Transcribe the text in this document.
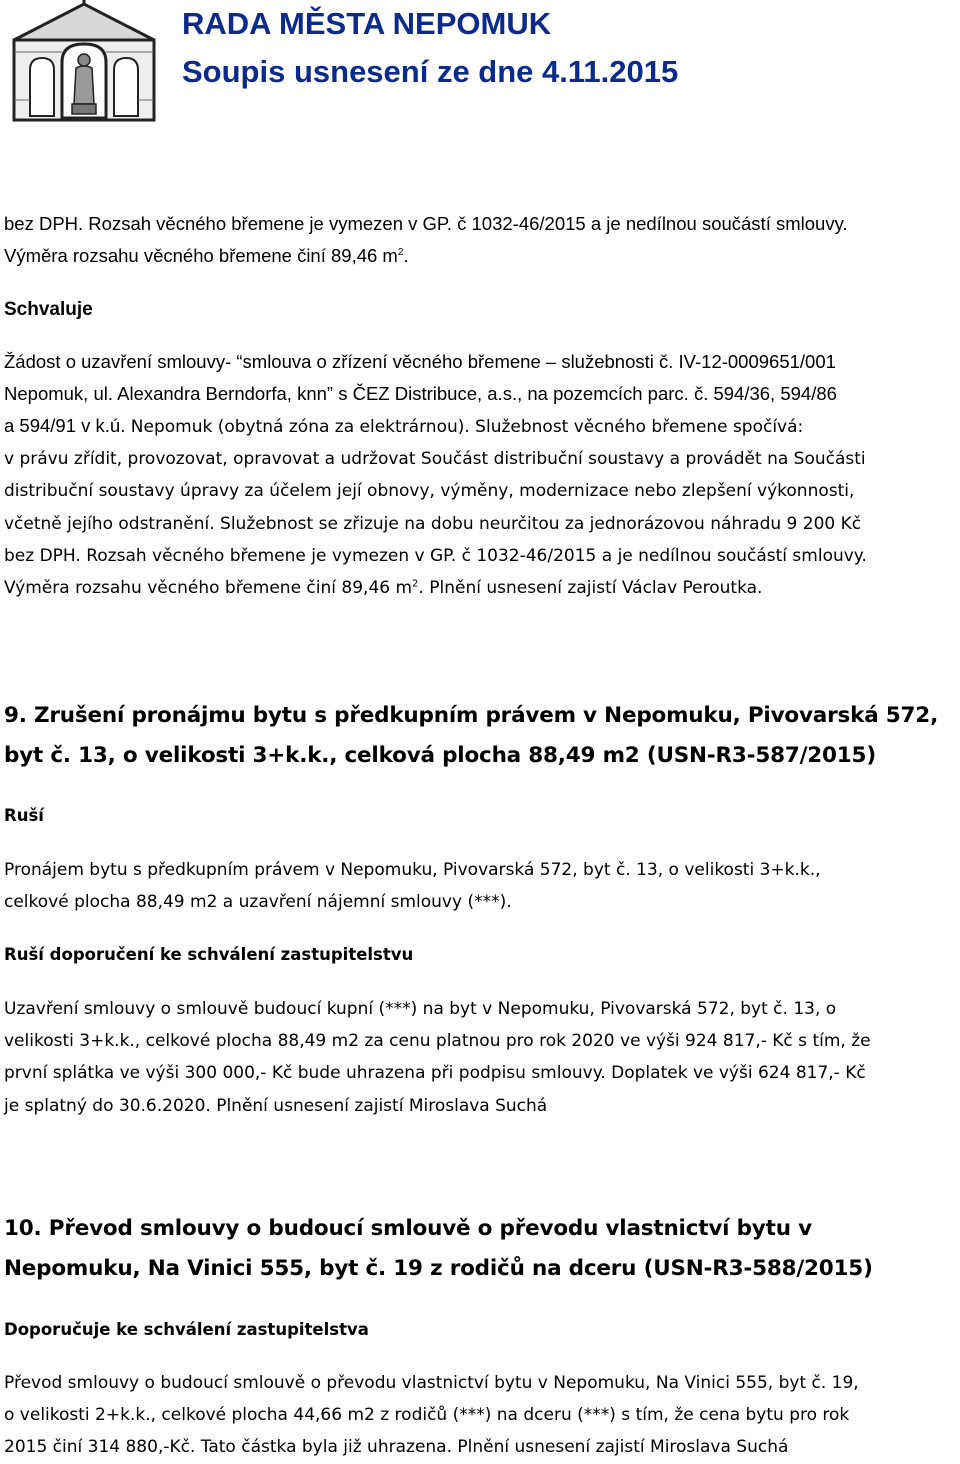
RADA MĚSTA NEPOMUK
Soupis usnesení ze dne 4.11.2015
bez DPH. Rozsah věcného břemene je vymezen v GP. č 1032-46/2015 a je nedílnou součástí smlouvy.
Výměra rozsahu věcného břemene činí 89,46 $m^2$.
Schvaluje
Žádost o uzavření smlouvy- “smlouva o zřízení věcného břemene – služebnosti č. IV-12-0009651/001
Nepomuk, ul. Alexandra Berndorfa, knn” s ČEZ Distribuce, a.s., na pozemcích parc. č. 594/36, 594/86
a 594/91 v k.ú. Nepomuk (obytná zóna za elektrárnou). Služebnost věcného břemene spočívá:
v právu zřídit, provozovat, opravovat a udržovat Součást distribuční soustavy a provádět na Součásti
distribuční soustavy úpravy za účelem její obnovy, výměny, modernizace nebo zlepšení výkonnosti,
včetně jejího odstranění. Služebnost se zřizuje na dobu neurčitou za jednorázovou náhradu 9 200 Kč
bez DPH. Rozsah věcného břemene je vymezen v GP. č 1032-46/2015 a je nedílnou součástí smlouvy.
Výměra rozsahu věcného břemene činí 89,46 $m^2$. Plnění usnesení zajistí Václav Peroutka.
9. Zrušení pronájmu bytu s předkupním právem v Nepomuku, Pivovarská 572,
byt č. 13, o velikosti 3+k.k., celková plocha 88,49 m2 (USN-R3-587/2015)
Ruší
Pronájem bytu s předkupním právem v Nepomuku, Pivovarská 572, byt č. 13, o velikosti 3+k.k.,
celkové plocha 88,49 m2 a uzavření nájemní smlouvy (***).
Ruší doporučení ke schválení zastupitelstvu
Uzavření smlouvy o smlouvě budoucí kupní (***) na byt v Nepomuku, Pivovarská 572, byt č. 13, o
velikosti 3+k.k., celkové plocha 88,49 m2 za cenu platnou pro rok 2020 ve výši 924 817,- Kč s tím, že
první splátka ve výši 300 000,- Kč bude uhrazena při podpisu smlouvy. Doplatek ve výši 624 817,- Kč
je splatný do 30.6.2020. Plnění usnesení zajistí Miroslava Suchá
10. Převod smlouvy o budoucí smlouvě o převodu vlastnictví bytu v
Nepomuku, Na Vinici 555, byt č. 19 z rodičů na dceru (USN-R3-588/2015)
Doporučuje ke schválení zastupitelstva
Převod smlouvy o budoucí smlouvě o převodu vlastnictví bytu v Nepomuku, Na Vinici 555, byt č. 19,
o velikosti 2+k.k., celkové plocha 44,66 m2 z rodičů (***) na dceru (***) s tím, že cena bytu pro rok
2015 činí 314 880,-Kč. Tato částka byla již uhrazena. Plnění usnesení zajistí Miroslava Suchá
